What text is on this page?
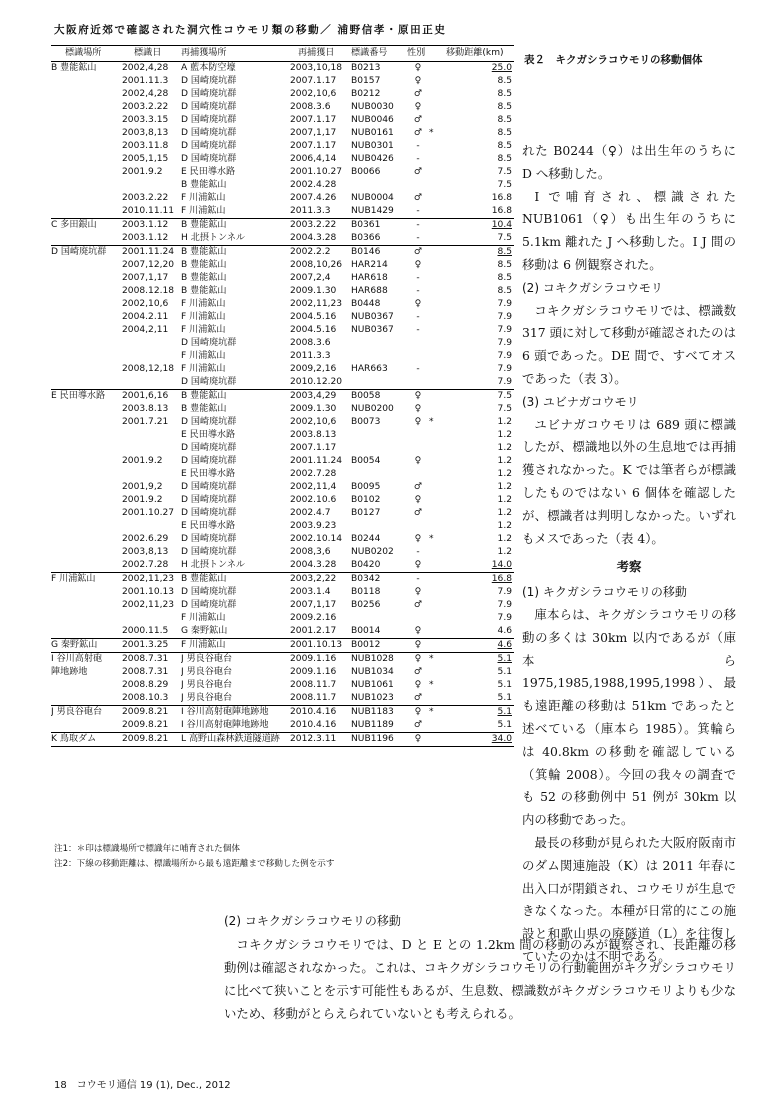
大阪府近郊で確認された洞穴性コウモリ類の移動／ 浦野信孝・原田正史
標識場所	標識日	再捕獲場所	再捕獲日	標識番号	性別		移動距離(km)
B 豊能鉱山	2002,4,28	A 藍本防空壕	2003,10,18	B0213	♀		25.0
	2001.11.3	D 国崎廃坑群	2007.1.17	B0157	♀		8.5
	2002,4,28	D 国崎廃坑群	2002,10,6	B0212	♂		8.5
	2003.2.22	D 国崎廃坑群	2008.3.6	NUB0030	♀		8.5
	2003.3.15	D 国崎廃坑群	2007.1.17	NUB0046	♂		8.5
	2003,8,13	D 国崎廃坑群	2007,1,17	NUB0161	♂	*	8.5
	2003.11.8	D 国崎廃坑群	2007.1.17	NUB0301	-		8.5
	2005,1,15	D 国崎廃坑群	2006,4,14	NUB0426	-		8.5
	2001.9.2	E 民田導水路	2001.10.27	B0066	♂		7.5
		B 豊能鉱山	2002.4.28				7.5
	2003.2.22	F 川浦鉱山	2007.4.26	NUB0004	♂		16.8
	2010.11.11	F 川浦鉱山	2011.3.3	NUB1429	-		16.8
C 多田銀山	2003.1.12	B 豊能鉱山	2003.2.22	B0361	-		10.4
	2003.1.12	H 北摂トンネル	2004.3.28	B0366	-		7.5
D 国崎廃坑群	2001.11.24	B 豊能鉱山	2002.2.2	B0146	♂		8.5
	2007,12,20	B 豊能鉱山	2008,10,26	HAR214	♀		8.5
	2007,1,17	B 豊能鉱山	2007,2,4	HAR618	-		8.5
	2008.12.18	B 豊能鉱山	2009.1.30	HAR688	-		8.5
	2002,10,6	F 川浦鉱山	2002,11,23	B0448	♀		7.9
	2004.2.11	F 川浦鉱山	2004.5.16	NUB0367	-		7.9
	2004,2,11	F 川浦鉱山	2004.5.16	NUB0367	-		7.9
		D 国崎廃坑群	2008.3.6				7.9
		F 川浦鉱山	2011.3.3				7.9
	2008,12,18	F 川浦鉱山	2009,2,16	HAR663	-		7.9
		D 国崎廃坑群	2010.12.20				7.9
E 民田導水路	2001,6,16	B 豊能鉱山	2003,4,29	B0058	♀		7.5
	2003.8.13	B 豊能鉱山	2009.1.30	NUB0200	♀		7.5
	2001.7.21	D 国崎廃坑群	2002,10,6	B0073	♀	*	1.2
		E 民田導水路	2003.8.13				1.2
		D 国崎廃坑群	2007.1.17				1.2
	2001.9.2	D 国崎廃坑群	2001.11.24	B0054	♀		1.2
		E 民田導水路	2002.7.28				1.2
	2001,9,2	D 国崎廃坑群	2002,11,4	B0095	♂		1.2
	2001.9.2	D 国崎廃坑群	2002.10.6	B0102	♀		1.2
	2001.10.27	D 国崎廃坑群	2002.4.7	B0127	♂		1.2
		E 民田導水路	2003.9.23				1.2
	2002.6.29	D 国崎廃坑群	2002.10.14	B0244	♀	*	1.2
	2003,8,13	D 国崎廃坑群	2008,3,6	NUB0202	-		1.2
	2002.7.28	H 北摂トンネル	2004.3.28	B0420	♀		14.0
F 川浦鉱山	2002,11,23	B 豊能鉱山	2003,2,22	B0342	-		16.8
	2001.10.13	D 国崎廃坑群	2003.1.4	B0118	♀		7.9
	2002,11,23	D 国崎廃坑群	2007,1,17	B0256	♂		7.9
		F 川浦鉱山	2009.2.16				7.9
	2000.11.5	G 秦野鉱山	2001.2.17	B0014	♀		4.6
G 秦野鉱山	2001.3.25	F 川浦鉱山	2001.10.13	B0012	♀		4.6
I 谷川高射砲	2008.7.31	J 男良谷砲台	2009.1.16	NUB1028	♀	*	5.1
陣地跡地	2008.7.31	J 男良谷砲台	2009.1.16	NUB1034	♂		5.1
	2008.8.29	J 男良谷砲台	2008.11.7	NUB1061	♀	*	5.1
	2008.10.3	J 男良谷砲台	2008.11.7	NUB1023	♂		5.1
J 男良谷砲台	2009.8.21	I 谷川高射砲陣地跡地	2010.4.16	NUB1183	♀	*	5.1
	2009.8.21	I 谷川高射砲陣地跡地	2010.4.16	NUB1189	♂		5.1
K 鳥取ダム	2009.8.21	L 高野山森林鉄道隧道跡	2012.3.11	NUB1196	♀		34.0
注1：＊印は標識場所で標識年に哺育された個体
注2：下線の移動距離は、標識場所から最も遠距離まで移動した例を示す
表２　キクガシラコウモリの移動個体

れた B0244（♀）は出生年のうちに D へ移動した。

I で哺育され、標識された NUB1061（♀）も出生年のうちに 5.1km 離れた J へ移動した。I J 間の移動は 6 例観察された。

(2) コキクガシラコウモリ

コキクガシラコウモリでは、標識数 317 頭に対して移動が確認されたのは 6 頭であった。DE 間で、すべてオスであった（表 3）。

(3) ユビナガコウモリ

ユビナガコウモリは 689 頭に標識したが、標識地以外の生息地では再捕獲されなかった。K では筆者らが標識したものではない 6 個体を確認したが、標識者は判明しなかった。いずれもメスであった（表 4）。

考察

(1) キクガシラコウモリの移動

庫本らは、キクガシラコウモリの移動の多くは 30km 以内であるが（庫本ら 1975,1985,1988,1995,1998）、最も遠距離の移動は 51km であったと述べている（庫本ら 1985）。箕輪らは 40.8km の移動を確認している（箕輪 2008）。今回の我々の調査でも 52 の移動例中 51 例が 30km 以内の移動であった。

最長の移動が見られた大阪府阪南市のダム関連施設（K）は 2011 年春に出入口が閉鎖され、コウモリが生息できなくなった。本種が日常的にこの施設と和歌山県の廃隧道（L）を往復していたのかは不明である。

(2) コキクガシラコウモリの移動

コキクガシラコウモリでは、D と E との 1.2km 間の移動のみが観察され、長距離の移動例は確認されなかった。これは、コキクガシラコウモリの行動範囲がキクガシラコウモリに比べて狭いことを示す可能性もあるが、生息数、標識数がキクガシラコウモリよりも少ないため、移動がとらえられていないとも考えられる。

18　コウモリ通信 19 (1), Dec., 2012
